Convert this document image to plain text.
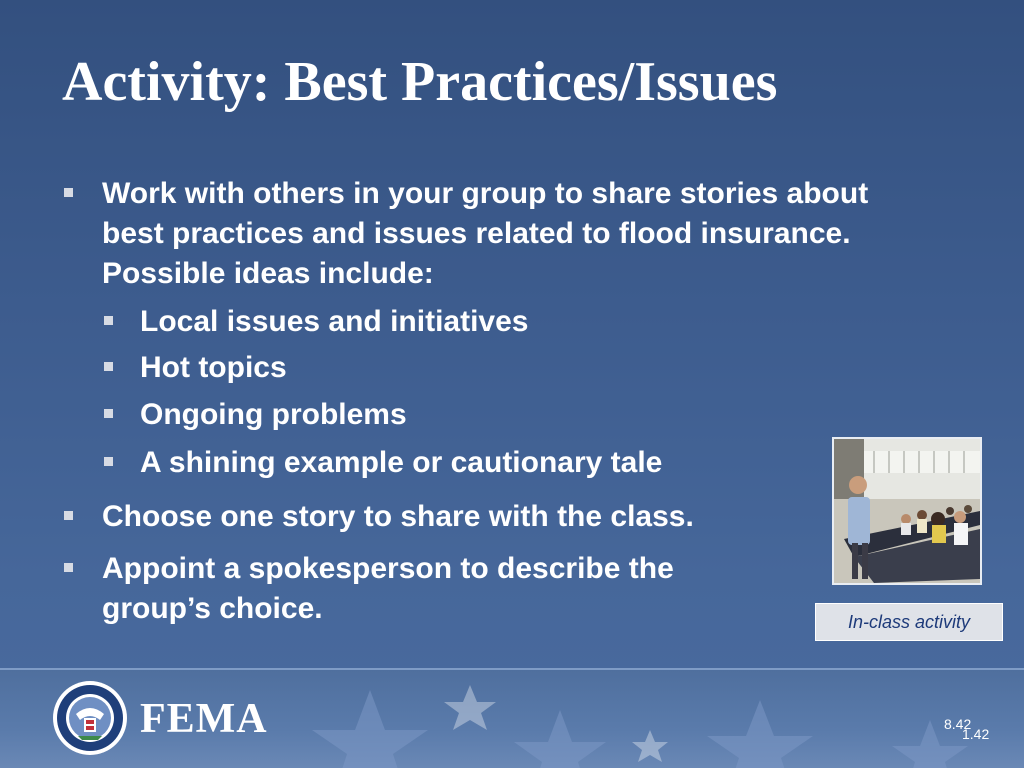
Activity: Best Practices/Issues
Work with others in your group to share stories about best practices and issues related to flood insurance. Possible ideas include:
Local issues and initiatives
Hot topics
Ongoing problems
A shining example or cautionary tale
Choose one story to share with the class.
Appoint a spokesperson to describe the group’s choice.	In-class activity
FEMA	8.42
1.42
